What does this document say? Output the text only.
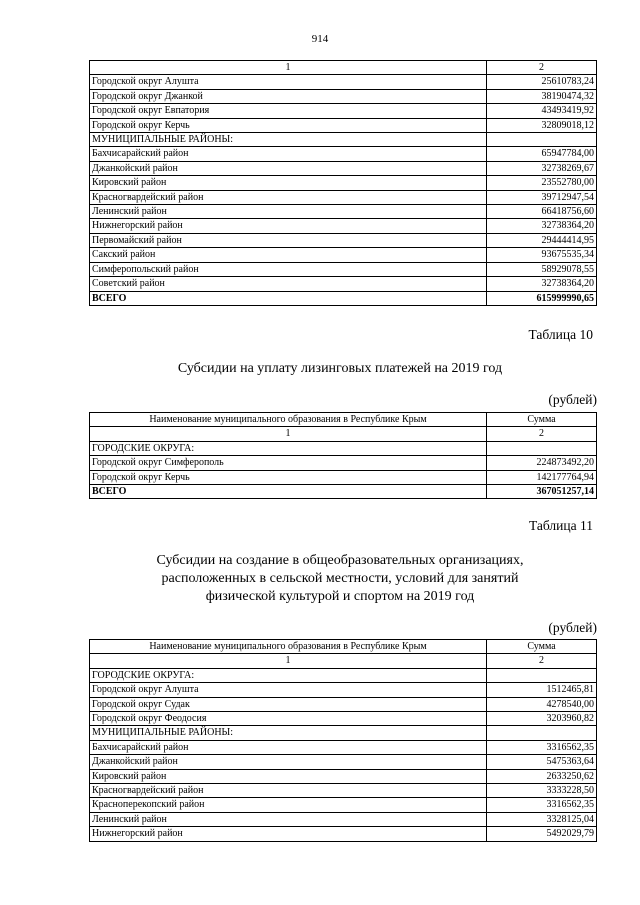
914
1	2
Городской округ Алушта	25610783,24
Городской округ Джанкой	38190474,32
Городской округ Евпатория	43493419,92
Городской округ Керчь	32809018,12
МУНИЦИПАЛЬНЫЕ РАЙОНЫ:	
Бахчисарайский район	65947784,00
Джанкойский район	32738269,67
Кировский район	23552780,00
Красногвардейский район	39712947,54
Ленинский район	66418756,60
Нижнегорский район	32738364,20
Первомайский район	29444414,95
Сакский район	93675535,34
Симферопольский район	58929078,55
Советский район	32738364,20
ВСЕГО	615999990,65
Таблица 10
Субсидии на уплату лизинговых платежей на 2019 год
(рублей)
Наименование муниципального образования в Республике Крым	Сумма
1	2
ГОРОДСКИЕ ОКРУГА:	
Городской округ Симферополь	224873492,20
Городской округ Керчь	142177764,94
ВСЕГО	367051257,14
Таблица 11
Субсидии на создание в общеобразовательных организациях,
расположенных в сельской местности, условий для занятий
физической культурой и спортом на 2019 год
(рублей)
Наименование муниципального образования в Республике Крым	Сумма
1	2
ГОРОДСКИЕ ОКРУГА:	
Городской округ Алушта	1512465,81
Городской округ Судак	4278540,00
Городской округ Феодосия	3203960,82
МУНИЦИПАЛЬНЫЕ РАЙОНЫ:	
Бахчисарайский район	3316562,35
Джанкойский район	5475363,64
Кировский район	2633250,62
Красногвардейский район	3333228,50
Красноперекопский район	3316562,35
Ленинский район	3328125,04
Нижнегорский район	5492029,79
